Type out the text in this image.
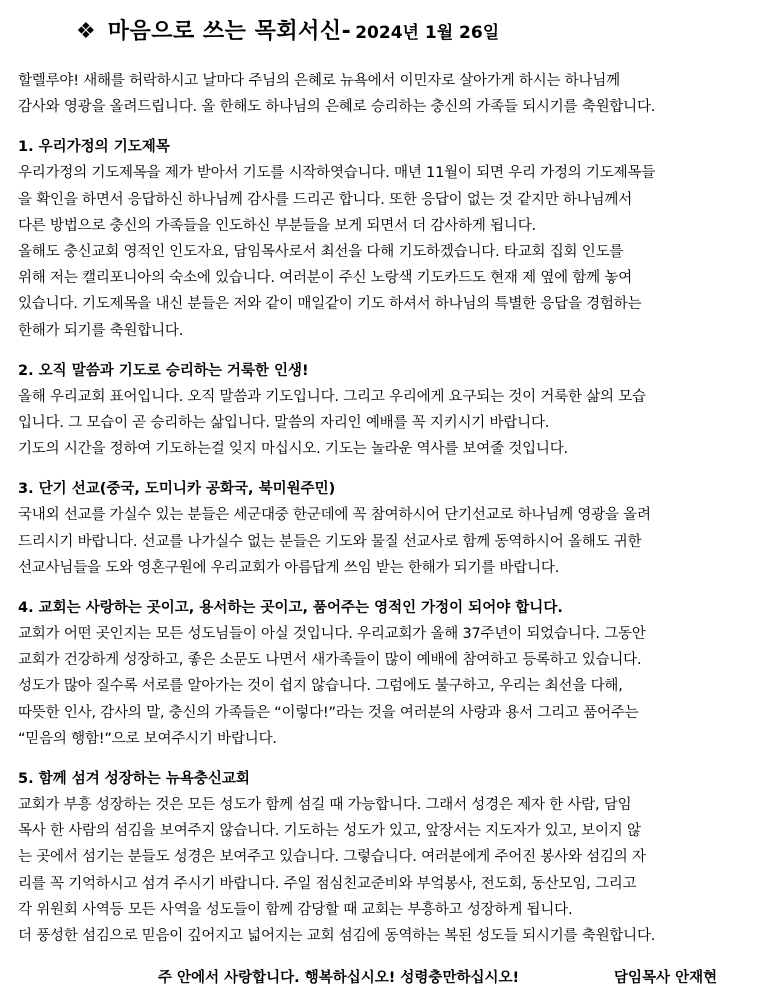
❖ 마음으로 쓰는 목회서신- 2024년 1월 26일

할렐루야! 새해를 허락하시고 날마다 주님의 은혜로 뉴욕에서 이민자로 살아가게 하시는 하나님께

감사와 영광을 올려드립니다. 올 한해도 하나님의 은혜로 승리하는 충신의 가족들 되시기를 축원합니다.

1. 우리가정의 기도제목

우리가정의 기도제목을 제가 받아서 기도를 시작하엿습니다. 매년 11월이 되면 우리 가정의 기도제목들

을 확인을 하면서 응답하신 하나님께 감사를 드리곤 합니다. 또한 응답이 없는 것 같지만 하나님께서

다른 방법으로 충신의 가족들을 인도하신 부분들을 보게 되면서 더 감사하게 됩니다.

올해도 충신교회 영적인 인도자요, 담임목사로서 최선을 다해 기도하겠습니다. 타교회 집회 인도를

위해 저는 캘리포니아의 숙소에 있습니다. 여러분이 주신 노랑색 기도카드도 현재 제 옆에 함께 놓여

있습니다. 기도제목을 내신 분들은 저와 같이 매일같이 기도 하셔서 하나님의 특별한 응답을 경험하는

한해가 되기를 축원합니다.

2. 오직 말씀과 기도로 승리하는 거룩한 인생!

올해 우리교회 표어입니다. 오직 말씀과 기도입니다. 그리고 우리에게 요구되는 것이 거룩한 삶의 모습

입니다. 그 모습이 곧 승리하는 삶입니다. 말씀의 자리인 예배를 꼭 지키시기 바랍니다.

기도의 시간을 정하여 기도하는걸 잊지 마십시오. 기도는 놀라운 역사를 보여줄 것입니다.

3. 단기 선교(중국, 도미니카 공화국, 북미원주민)

국내외 선교를 가실수 있는 분들은 세군대중 한군데에 꼭 참여하시어 단기선교로 하나님께 영광을 올려

드리시기 바랍니다. 선교를 나가실수 없는 분들은 기도와 물질 선교사로 함께 동역하시어 올해도 귀한

선교사님들을 도와 영혼구원에 우리교회가 아름답게 쓰임 받는 한해가 되기를 바랍니다.

4. 교회는 사랑하는 곳이고, 용서하는 곳이고, 품어주는 영적인 가정이 되어야 합니다.

교회가 어떤 곳인지는 모든 성도님들이 아실 것입니다. 우리교회가 올해 37주년이 되었습니다. 그동안

교회가 건강하게 성장하고, 좋은 소문도 나면서 새가족들이 많이 예배에 참여하고 등록하고 있습니다.

성도가 많아 질수록 서로를 알아가는 것이 쉽지 않습니다. 그럼에도 불구하고, 우리는 최선을 다해,

따뜻한 인사, 감사의 말, 충신의 가족들은 “이렇다!”라는 것을 여러분의 사랑과 용서 그리고 품어주는

“믿음의 행함!”으로 보여주시기 바랍니다.

5. 함께 섬겨 성장하는 뉴욕충신교회

교회가 부흥 성장하는 것은 모든 성도가 함께 섬길 때 가능합니다. 그래서 성경은 제자 한 사람, 담임

목사 한 사람의 섬김을 보여주지 않습니다. 기도하는 성도가 있고, 앞장서는 지도자가 있고, 보이지 않

는 곳에서 섬기는 분들도 성경은 보여주고 있습니다. 그렇습니다. 여러분에게 주어진 봉사와 섬김의 자

리를 꼭 기억하시고 섬겨 주시기 바랍니다. 주일 점심친교준비와 부엌봉사, 전도회, 동산모임, 그리고

각 위원회 사역등 모든 사역을 성도들이 함께 감당할 때 교회는 부흥하고 성장하게 됩니다.

더 풍성한 섬김으로 믿음이 깊어지고 넓어지는 교회 섬김에 동역하는 복된 성도들 되시기를 축원합니다.

주 안에서 사랑합니다. 행복하십시오! 성령충만하십시오!	담임목사 안재현
